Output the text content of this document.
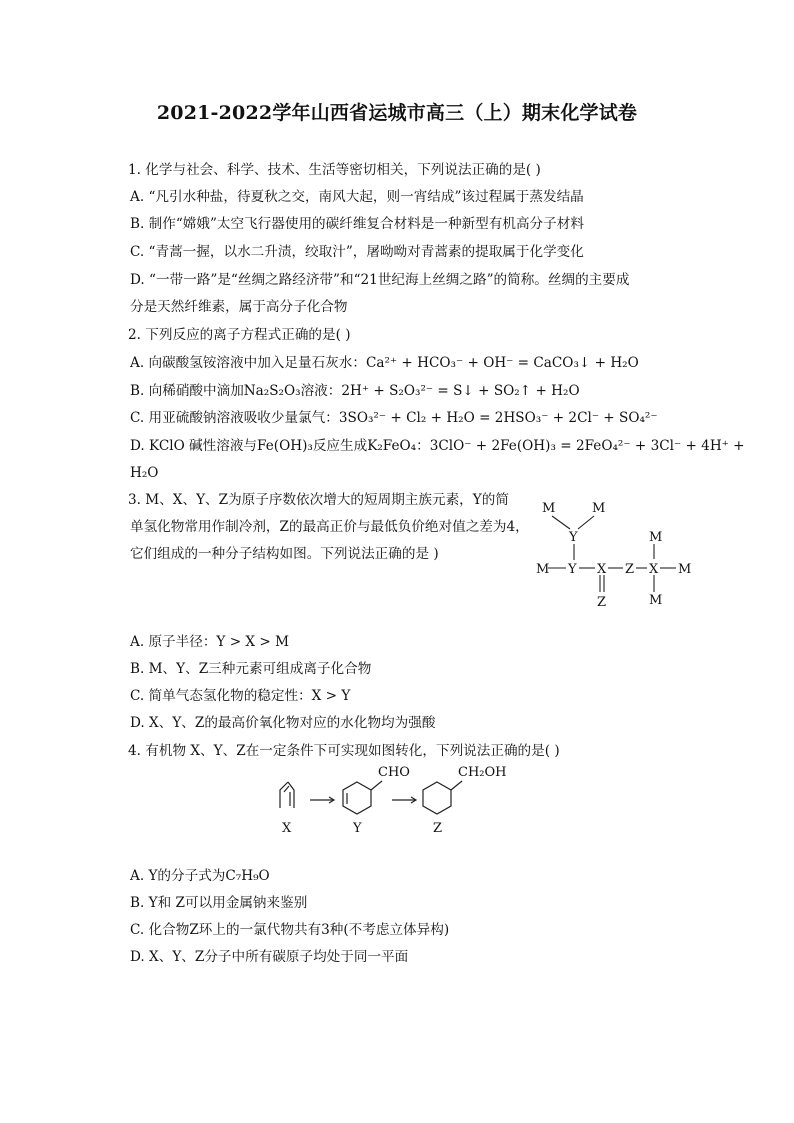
2021-2022学年山西省运城市高三（上）期末化学试卷
1. 化学与社会、科学、技术、生活等密切相关，下列说法正确的是( )
A. “凡引水种盐，待夏秋之交，南风大起，则一宵结成”该过程属于蒸发结晶
B. 制作“嫦娥”太空飞行器使用的碳纤维复合材料是一种新型有机高分子材料
C. “青蒿一握，以水二升渍，绞取汁”，屠呦呦对青蒿素的提取属于化学变化
D. “一带一路”是“丝绸之路经济带”和“21世纪海上丝绸之路”的简称。丝绸的主要成
分是天然纤维素，属于高分子化合物
2. 下列反应的离子方程式正确的是( )
A. 向碳酸氢铵溶液中加入足量石灰水：Ca²⁺ + HCO₃⁻ + OH⁻ = CaCO₃↓ + H₂O
B. 向稀硝酸中滴加Na₂S₂O₃溶液：2H⁺ + S₂O₃²⁻ = S↓ + SO₂↑ + H₂O
C. 用亚硫酸钠溶液吸收少量氯气：3SO₃²⁻ + Cl₂ + H₂O = 2HSO₃⁻ + 2Cl⁻ + SO₄²⁻
D. KClO 碱性溶液与Fe(OH)₃反应生成K₂FeO₄：3ClO⁻ + 2Fe(OH)₃ = 2FeO₄²⁻ + 3Cl⁻ + 4H⁺ +
H₂O
3. M、X、Y、Z为原子序数依次增大的短周期主族元素，Y的简
单氢化物常用作制冷剂，Z的最高正价与最低负价绝对值之差为4，
它们组成的一种分子结构如图。下列说法正确的是 )
M	M
Y
M Y X Z X M
M
M
Z
A. 原子半径：Y > X > M
B. M、Y、Z三种元素可组成离子化合物
C. 简单气态氢化物的稳定性：X > Y
D. X、Y、Z的最高价氧化物对应的水化物均为强酸
4. 有机物 X、Y、Z在一定条件下可实现如图转化，下列说法正确的是( )
CHO	CH₂OH
X	Y	Z
A. Y的分子式为C₇H₉O
B. Y和 Z可以用金属钠来鉴别
C. 化合物Z环上的一氯代物共有3种(不考虑立体异构)
D. X、Y、Z分子中所有碳原子均处于同一平面
